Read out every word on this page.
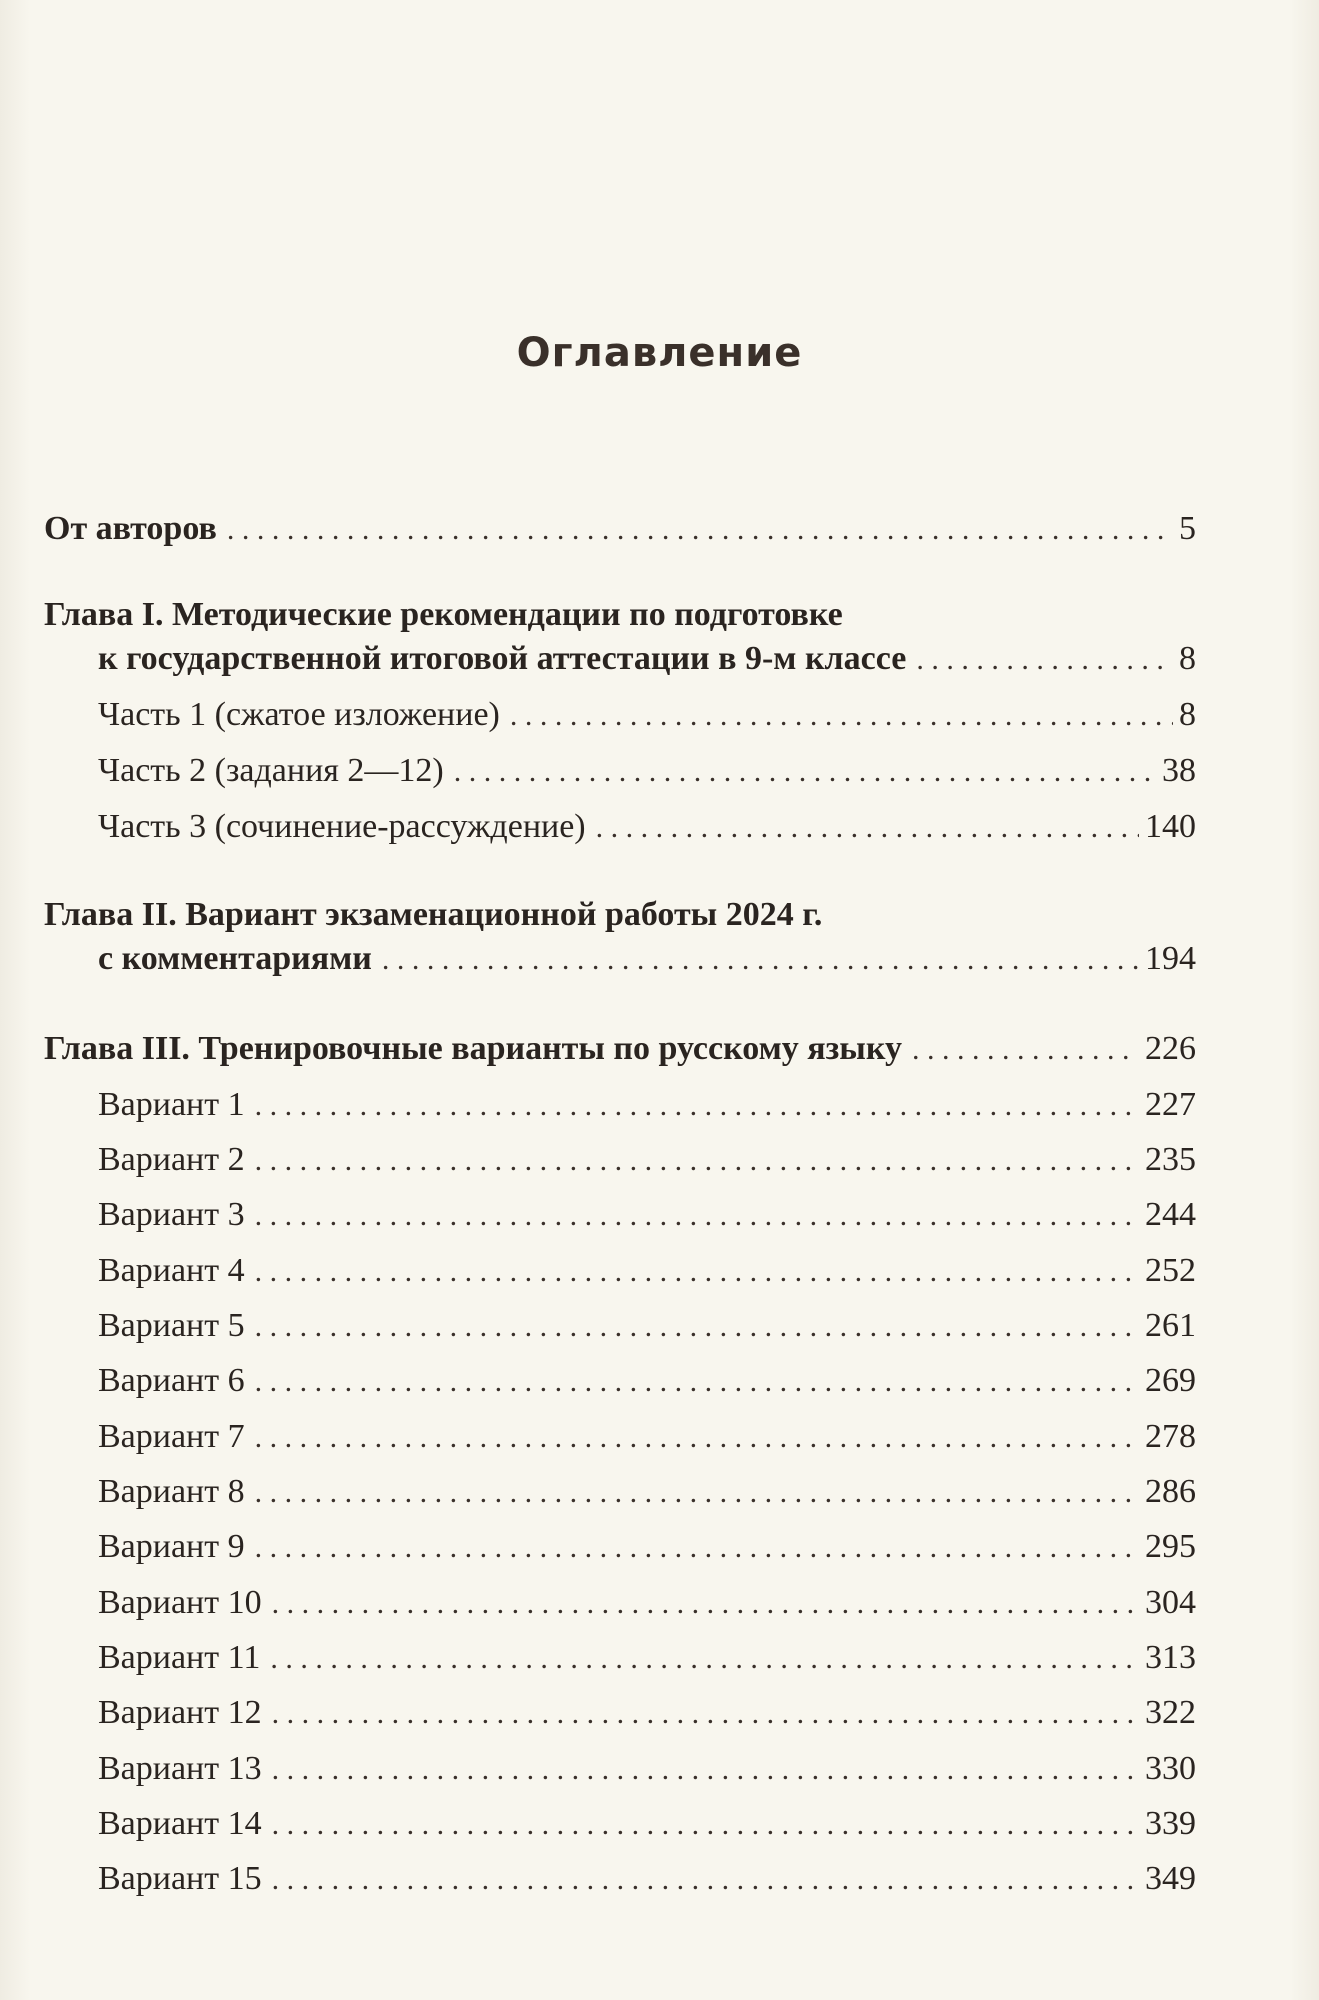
Оглавление
От авторов . . .	5
Глава I. Методические рекомендации по подготовке
к государственной итоговой аттестации в 9-м классе . . .	8
Часть 1 (сжатое изложение) . . .	8
Часть 2 (задания 2—12) . . .	38
Часть 3 (сочинение-рассуждение) . . .	140
Глава II. Вариант экзаменационной работы 2024 г.
с комментариями . . .	194
Глава III. Тренировочные варианты по русскому языку . . .	226
Вариант 1 . . .	227
Вариант 2 . . .	235
Вариант 3 . . .	244
Вариант 4 . . .	252
Вариант 5 . . .	261
Вариант 6 . . .	269
Вариант 7 . . .	278
Вариант 8 . . .	286
Вариант 9 . . .	295
Вариант 10 . . .	304
Вариант 11 . . .	313
Вариант 12 . . .	322
Вариант 13 . . .	330
Вариант 14 . . .	339
Вариант 15 . . .	349
